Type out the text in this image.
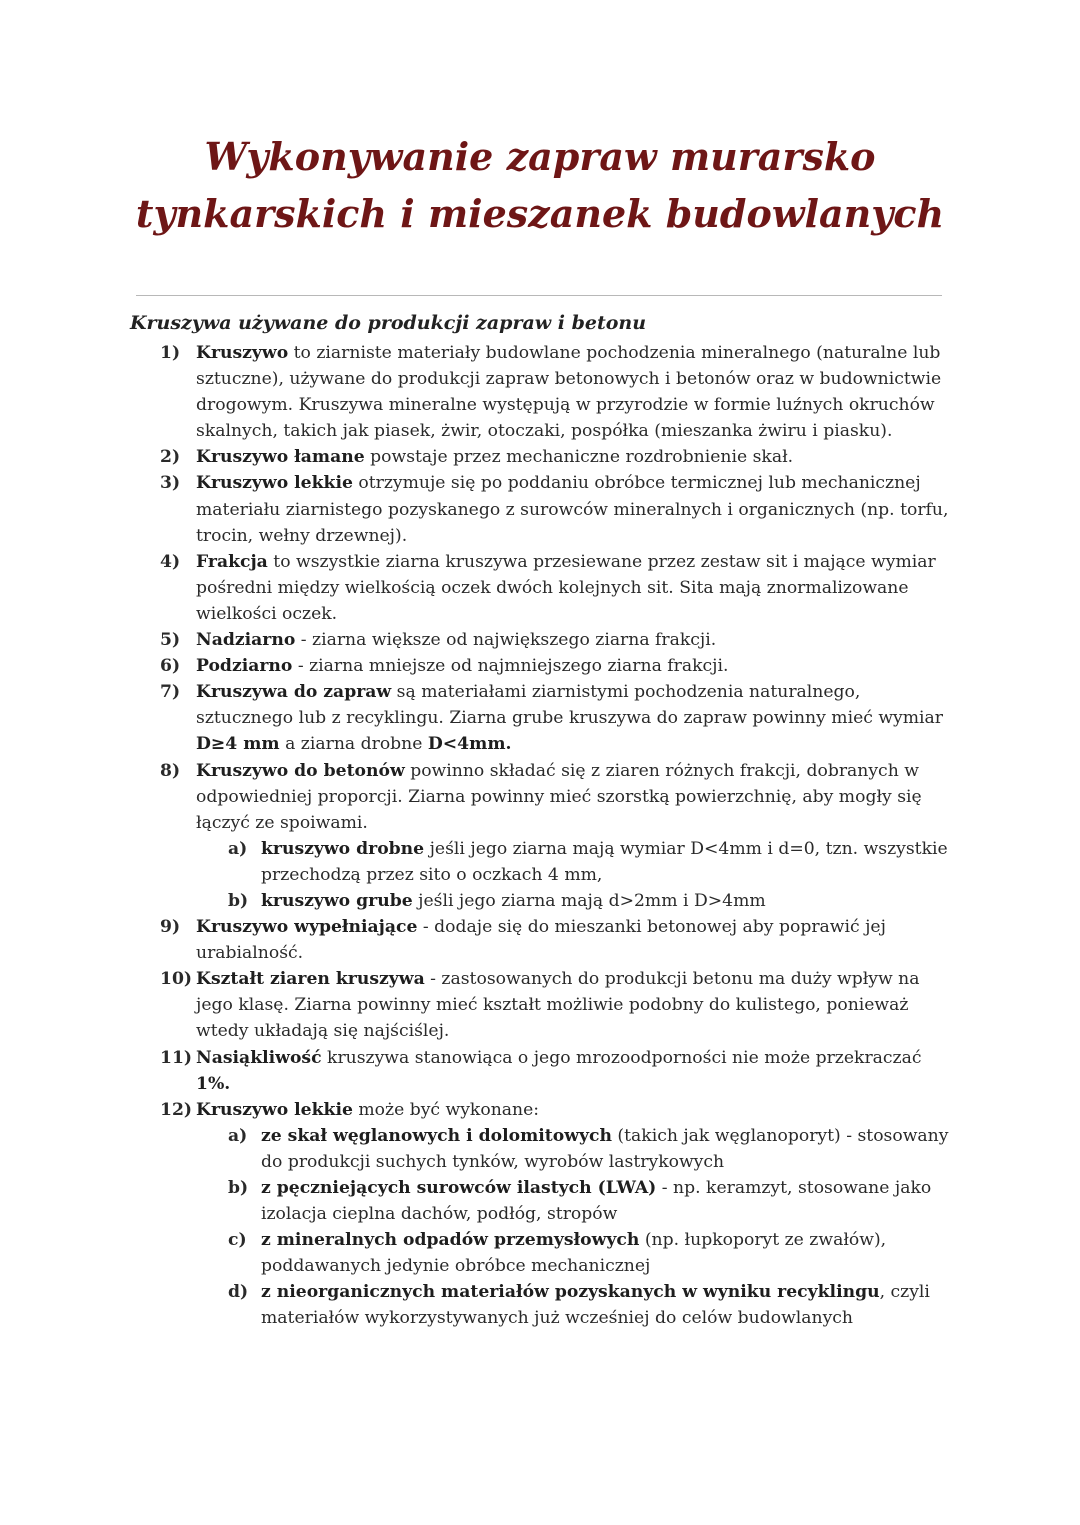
Wykonywanie zapraw murarsko tynkarskich i mieszanek budowlanych
Kruszywa używane do produkcji zapraw i betonu
1) Kruszywo to ziarniste materiały budowlane pochodzenia mineralnego (naturalne lub sztuczne), używane do produkcji zapraw betonowych i betonów oraz w budownictwie drogowym. Kruszywa mineralne występują w przyrodzie w formie luźnych okruchów skalnych, takich jak piasek, żwir, otoczaki, pospółka (mieszanka żwiru i piasku).
2) Kruszywo łamane powstaje przez mechaniczne rozdrobnienie skał.
3) Kruszywo lekkie otrzymuje się po poddaniu obróbce termicznej lub mechanicznej materiału ziarnistego pozyskanego z surowców mineralnych i organicznych (np. torfu, trocin, wełny drzewnej).
4) Frakcja to wszystkie ziarna kruszywa przesiewane przez zestaw sit i mające wymiar pośredni między wielkością oczek dwóch kolejnych sit. Sita mają znormalizowane wielkości oczek.
5) Nadziarno - ziarna większe od największego ziarna frakcji.
6) Podziarno - ziarna mniejsze od najmniejszego ziarna frakcji.
7) Kruszywa do zapraw są materiałami ziarnistymi pochodzenia naturalnego, sztucznego lub z recyklingu. Ziarna grube kruszywa do zapraw powinny mieć wymiar D≥4 mm a ziarna drobne D<4mm.
8) Kruszywo do betonów powinno składać się z ziaren różnych frakcji, dobranych w odpowiedniej proporcji. Ziarna powinny mieć szorstką powierzchnię, aby mogły się łączyć ze spoiwami.
a) kruszywo drobne jeśli jego ziarna mają wymiar D<4mm i d=0, tzn. wszystkie przechodzą przez sito o oczkach 4 mm,
b) kruszywo grube jeśli jego ziarna mają d>2mm i D>4mm
9) Kruszywo wypełniające - dodaje się do mieszanki betonowej aby poprawić jej urabialność.
10) Kształt ziaren kruszywa - zastosowanych do produkcji betonu ma duży wpływ na jego klasę. Ziarna powinny mieć kształt możliwie podobny do kulistego, ponieważ wtedy układają się najściślej.
11) Nasiąkliwość kruszywa stanowiąca o jego mrozoodporności nie może przekraczać 1%.
12) Kruszywo lekkie może być wykonane:
a) ze skał węglanowych i dolomitowych (takich jak węglanoporyt) - stosowany do produkcji suchych tynków, wyrobów lastrykowych
b) z pęczniejących surowców ilastych (LWA) - np. keramzyt, stosowane jako izolacja cieplna dachów, podłóg, stropów
c) z mineralnych odpadów przemysłowych (np. łupkoporyt ze zwałów), poddawanych jedynie obróbce mechanicznej
d) z nieorganicznych materiałów pozyskanych w wyniku recyklingu, czyli materiałów wykorzystywanych już wcześniej do celów budowlanych
